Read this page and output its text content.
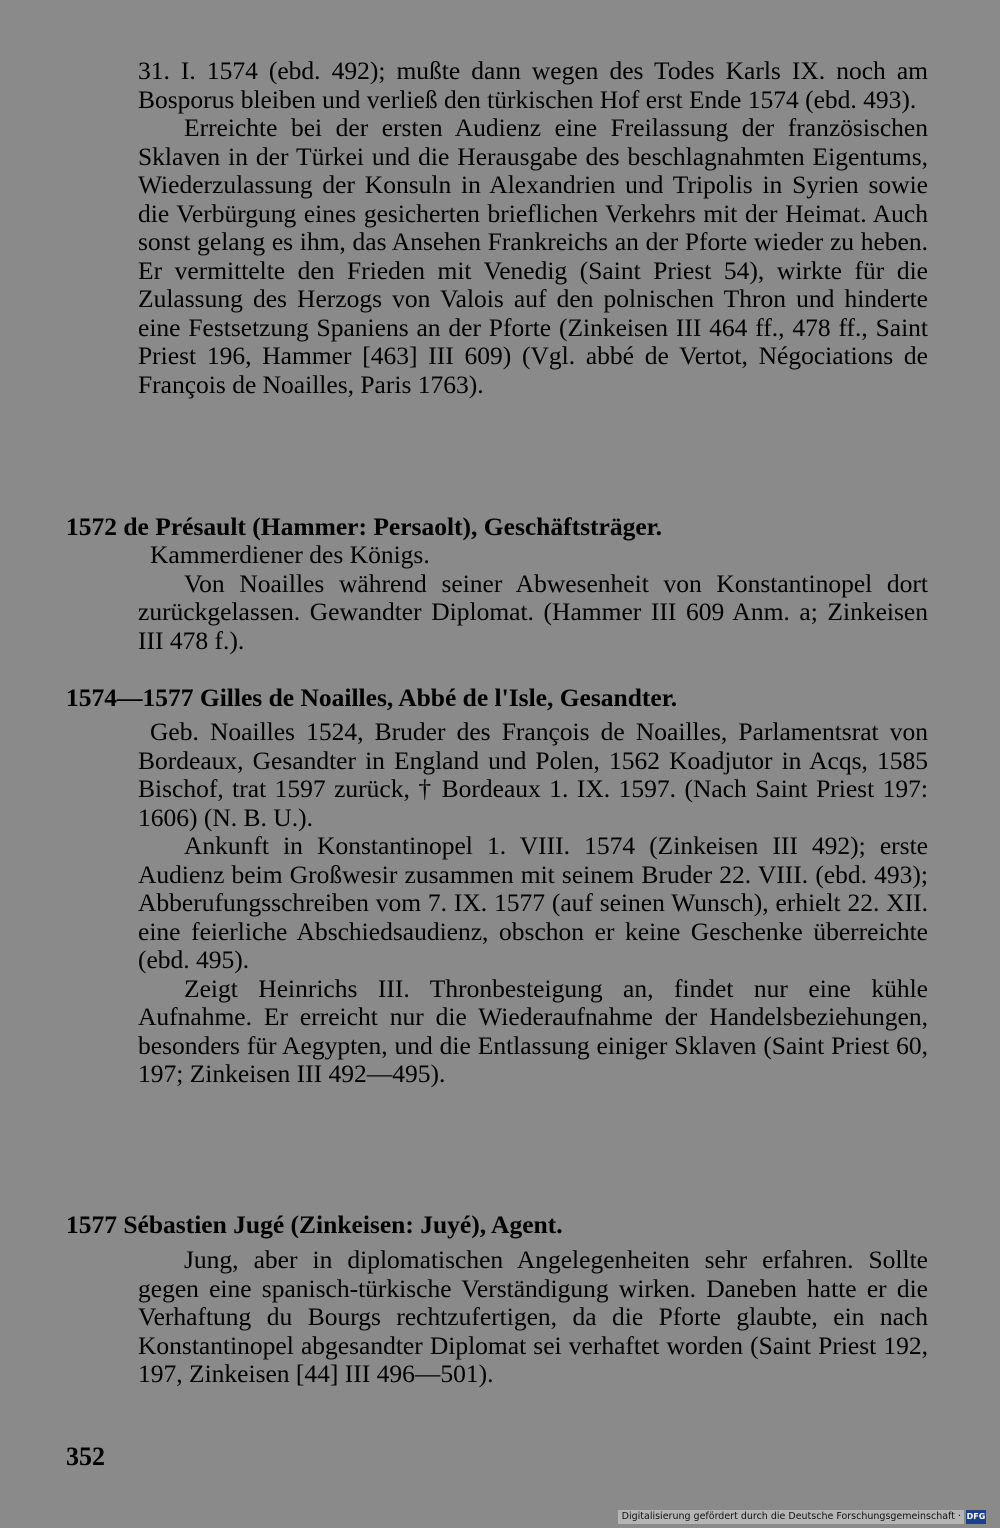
31. I. 1574 (ebd. 492); mußte dann wegen des Todes Karls IX. noch am Bosporus bleiben und verließ den türkischen Hof erst Ende 1574 (ebd. 493).

Erreichte bei der ersten Audienz eine Freilassung der französischen Sklaven in der Türkei und die Herausgabe des beschlagnahmten Eigentums, Wiederzulassung der Konsuln in Alexandrien und Tripolis in Syrien sowie die Verbürgung eines gesicherten brieflichen Verkehrs mit der Heimat. Auch sonst gelang es ihm, das Ansehen Frankreichs an der Pforte wieder zu heben. Er vermittelte den Frieden mit Venedig (Saint Priest 54), wirkte für die Zulassung des Herzogs von Valois auf den polnischen Thron und hinderte eine Festsetzung Spaniens an der Pforte (Zinkeisen III 464 ff., 478 ff., Saint Priest 196, Hammer [463] III 609) (Vgl. abbé de Vertot, Négociations de François de Noailles, Paris 1763).

1572 de Présault (Hammer: Persaolt), Geschäftsträger.

Kammerdiener des Königs.

Von Noailles während seiner Abwesenheit von Konstantinopel dort zurückgelassen. Gewandter Diplomat. (Hammer III 609 Anm. a; Zinkeisen III 478 f.).

1574—1577 Gilles de Noailles, Abbé de l'Isle, Gesandter.

Geb. Noailles 1524, Bruder des François de Noailles, Parlamentsrat von Bordeaux, Gesandter in England und Polen, 1562 Koadjutor in Acqs, 1585 Bischof, trat 1597 zurück, † Bordeaux 1. IX. 1597. (Nach Saint Priest 197: 1606) (N. B. U.).

Ankunft in Konstantinopel 1. VIII. 1574 (Zinkeisen III 492); erste Audienz beim Großwesir zusammen mit seinem Bruder 22. VIII. (ebd. 493); Abberufungsschreiben vom 7. IX. 1577 (auf seinen Wunsch), erhielt 22. XII. eine feierliche Abschiedsaudienz, obschon er keine Geschenke überreichte (ebd. 495).

Zeigt Heinrichs III. Thronbesteigung an, findet nur eine kühle Aufnahme. Er erreicht nur die Wiederaufnahme der Handelsbeziehungen, besonders für Aegypten, und die Entlassung einiger Sklaven (Saint Priest 60, 197; Zinkeisen III 492—495).

1577 Sébastien Jugé (Zinkeisen: Juyé), Agent.

Jung, aber in diplomatischen Angelegenheiten sehr erfahren. Sollte gegen eine spanisch-türkische Verständigung wirken. Daneben hatte er die Verhaftung du Bourgs rechtzufertigen, da die Pforte glaubte, ein nach Konstantinopel abgesandter Diplomat sei verhaftet worden (Saint Priest 192, 197, Zinkeisen [44] III 496—501).

352
Digitalisierung gefördert durch die Deutsche Forschungsgemeinschaft · DFG
